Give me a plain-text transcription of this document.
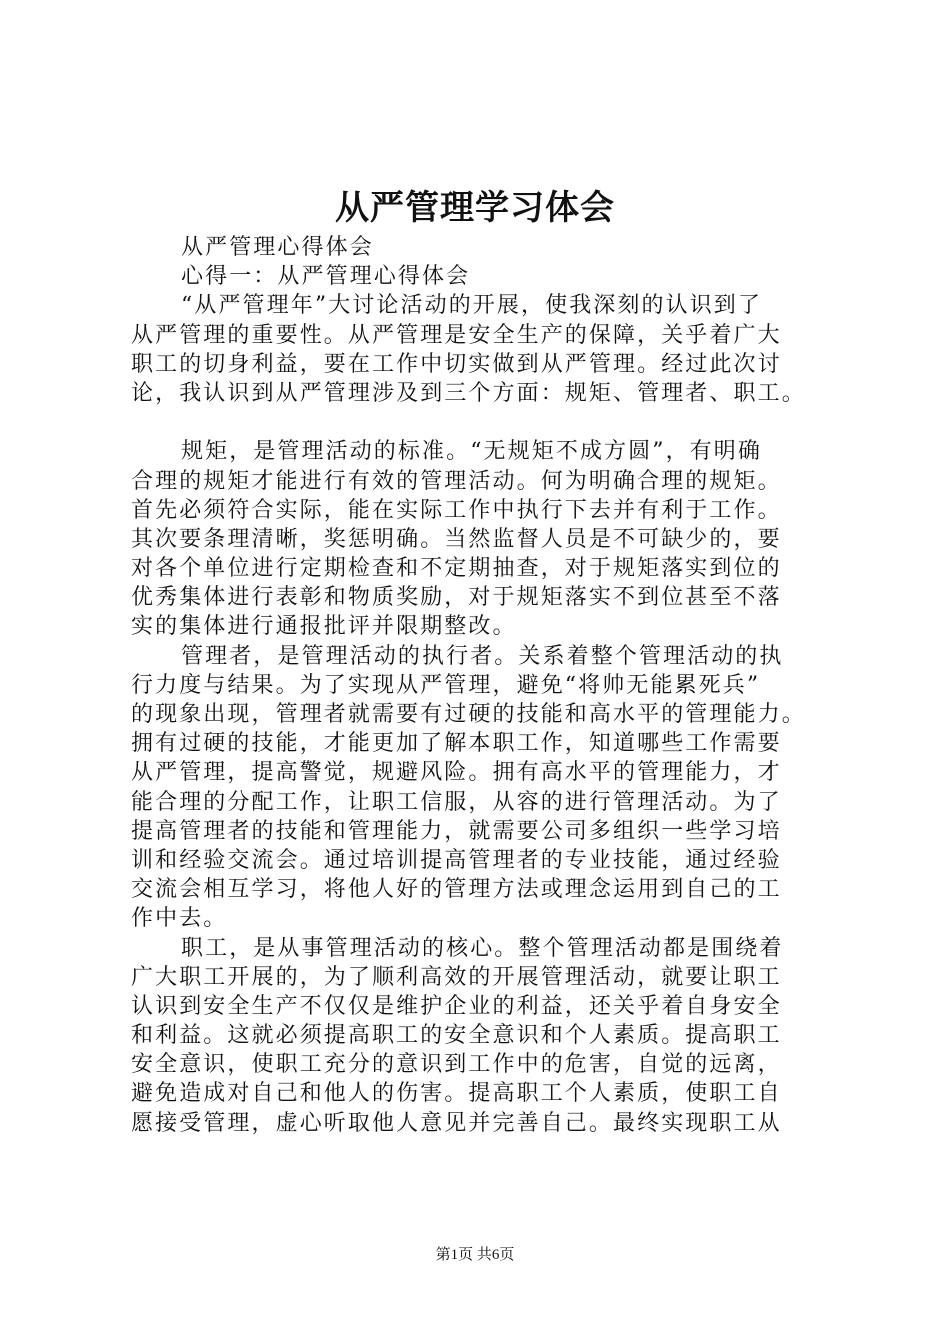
从严管理学习体会
从严管理心得体会
心得一：从严管理心得体会
“从严管理年”大讨论活动的开展，使我深刻的认识到了
从严管理的重要性。从严管理是安全生产的保障，关乎着广大
职工的切身利益，要在工作中切实做到从严管理。经过此次讨
论，我认识到从严管理涉及到三个方面：规矩、管理者、职工。
规矩，是管理活动的标准。“无规矩不成方圆”，有明确
合理的规矩才能进行有效的管理活动。何为明确合理的规矩。
首先必须符合实际，能在实际工作中执行下去并有利于工作。
其次要条理清晰，奖惩明确。当然监督人员是不可缺少的，要
对各个单位进行定期检查和不定期抽查，对于规矩落实到位的
优秀集体进行表彰和物质奖励，对于规矩落实不到位甚至不落
实的集体进行通报批评并限期整改。
管理者，是管理活动的执行者。关系着整个管理活动的执
行力度与结果。为了实现从严管理，避免“将帅无能累死兵”
的现象出现，管理者就需要有过硬的技能和高水平的管理能力。
拥有过硬的技能，才能更加了解本职工作，知道哪些工作需要
从严管理，提高警觉，规避风险。拥有高水平的管理能力，才
能合理的分配工作，让职工信服，从容的进行管理活动。为了
提高管理者的技能和管理能力，就需要公司多组织一些学习培
训和经验交流会。通过培训提高管理者的专业技能，通过经验
交流会相互学习，将他人好的管理方法或理念运用到自己的工
作中去。
职工，是从事管理活动的核心。整个管理活动都是围绕着
广大职工开展的，为了顺利高效的开展管理活动，就要让职工
认识到安全生产不仅仅是维护企业的利益，还关乎着自身安全
和利益。这就必须提高职工的安全意识和个人素质。提高职工
安全意识，使职工充分的意识到工作中的危害，自觉的远离，
避免造成对自己和他人的伤害。提高职工个人素质，使职工自
愿接受管理，虚心听取他人意见并完善自己。最终实现职工从
第1页 共6页
